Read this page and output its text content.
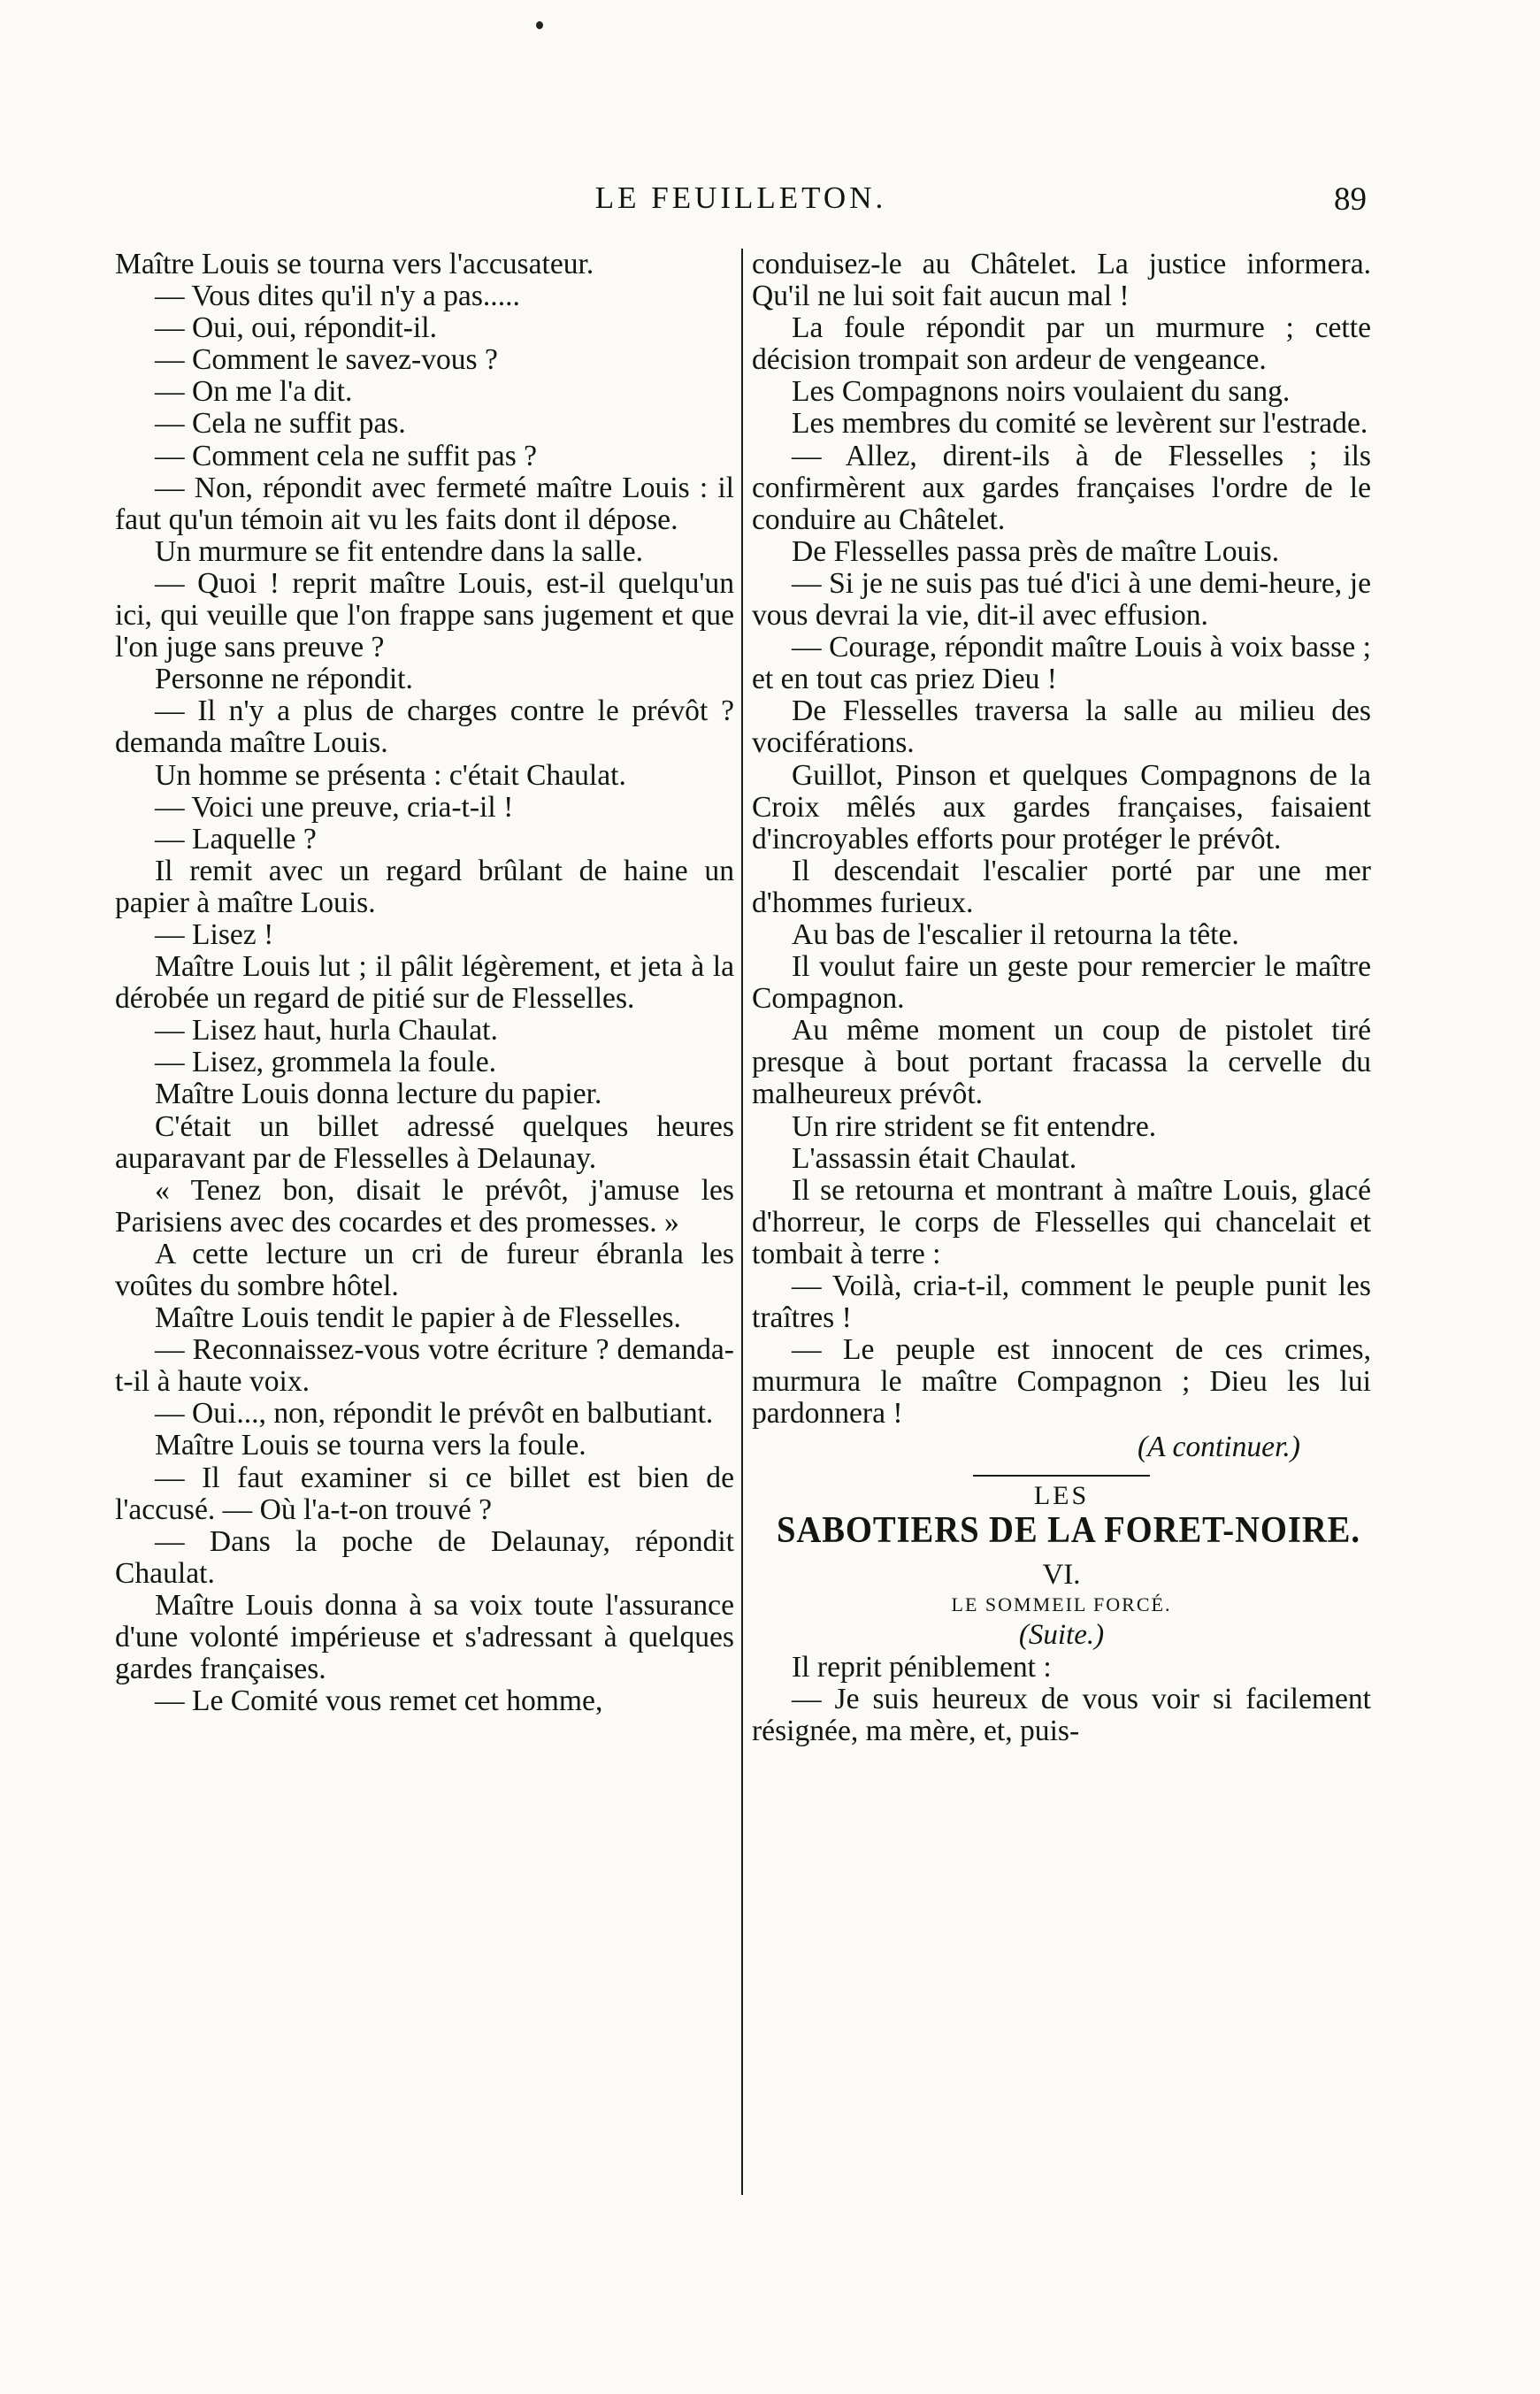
LE FEUILLETON.	89

Maître Louis se tourna vers l'accusateur.

— Vous dites qu'il n'y a pas.....

— Oui, oui, répondit-il.

— Comment le savez-vous ?

— On me l'a dit.

— Cela ne suffit pas.

— Comment cela ne suffit pas ?

— Non, répondit avec fermeté maître Louis : il faut qu'un témoin ait vu les faits dont il dépose.

Un murmure se fit entendre dans la salle.

— Quoi ! reprit maître Louis, est-il quelqu'un ici, qui veuille que l'on frappe sans jugement et que l'on juge sans preuve ?

Personne ne répondit.

— Il n'y a plus de charges contre le prévôt ? demanda maître Louis.

Un homme se présenta : c'était Chaulat.

— Voici une preuve, cria-t-il !

— Laquelle ?

Il remit avec un regard brûlant de haine un papier à maître Louis.

— Lisez !

Maître Louis lut ; il pâlit légèrement, et jeta à la dérobée un regard de pitié sur de Flesselles.

— Lisez haut, hurla Chaulat.

— Lisez, grommela la foule.

Maître Louis donna lecture du papier.

C'était un billet adressé quelques heures auparavant par de Flesselles à Delaunay.

« Tenez bon, disait le prévôt, j'amuse les Parisiens avec des cocardes et des promesses. »

A cette lecture un cri de fureur ébranla les voûtes du sombre hôtel.

Maître Louis tendit le papier à de Flesselles.

— Reconnaissez-vous votre écriture ? demanda-t-il à haute voix.

— Oui..., non, répondit le prévôt en balbutiant.

Maître Louis se tourna vers la foule.

— Il faut examiner si ce billet est bien de l'accusé. — Où l'a-t-on trouvé ?

— Dans la poche de Delaunay, répondit Chaulat.

Maître Louis donna à sa voix toute l'assurance d'une volonté impérieuse et s'adressant à quelques gardes françaises.

— Le Comité vous remet cet homme,

conduisez-le au Châtelet. La justice informera. Qu'il ne lui soit fait aucun mal !

La foule répondit par un murmure ; cette décision trompait son ardeur de vengeance.

Les Compagnons noirs voulaient du sang.

Les membres du comité se levèrent sur l'estrade.

— Allez, dirent-ils à de Flesselles ; ils confirmèrent aux gardes françaises l'ordre de le conduire au Châtelet.

De Flesselles passa près de maître Louis.

— Si je ne suis pas tué d'ici à une demi-heure, je vous devrai la vie, dit-il avec effusion.

— Courage, répondit maître Louis à voix basse ; et en tout cas priez Dieu !

De Flesselles traversa la salle au milieu des vociférations.

Guillot, Pinson et quelques Compagnons de la Croix mêlés aux gardes françaises, faisaient d'incroyables efforts pour protéger le prévôt.

Il descendait l'escalier porté par une mer d'hommes furieux.

Au bas de l'escalier il retourna la tête.

Il voulut faire un geste pour remercier le maître Compagnon.

Au même moment un coup de pistolet tiré presque à bout portant fracassa la cervelle du malheureux prévôt.

Un rire strident se fit entendre.

L'assassin était Chaulat.

Il se retourna et montrant à maître Louis, glacé d'horreur, le corps de Flesselles qui chancelait et tombait à terre :

— Voilà, cria-t-il, comment le peuple punit les traîtres !

— Le peuple est innocent de ces crimes, murmura le maître Compagnon ; Dieu les lui pardonnera !

(A continuer.)

LES
SABOTIERS DE LA FORET-NOIRE.
VI.
LE SOMMEIL FORCÉ.
(Suite.)

Il reprit péniblement :

— Je suis heureux de vous voir si facilement résignée, ma mère, et, puis-
